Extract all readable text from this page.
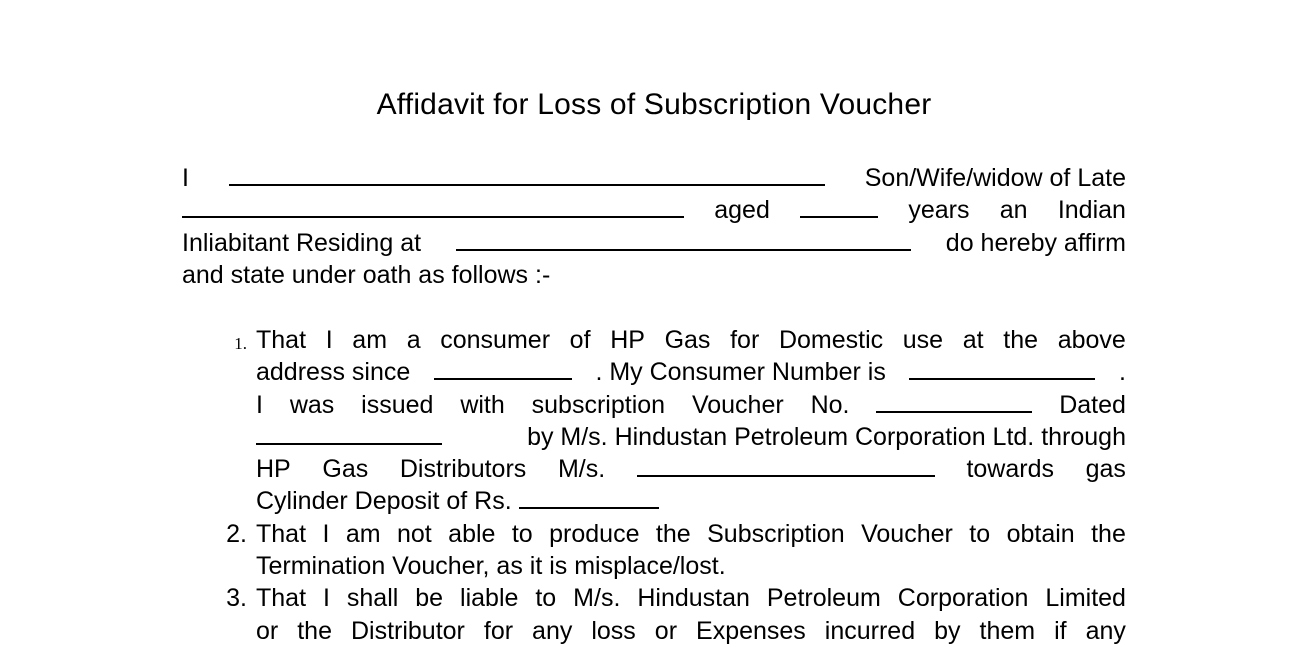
Affidavit for Loss of Subscription Voucher
I	Son/Wife/widow of Late
aged	years an Indian
Inliabitant Residing at	do hereby affirm
and state under oath as follows :-
1. That I am a consumer of HP Gas for Domestic use at the above
address since	. My Consumer Number is	.
I was issued with subscription Voucher No.	Dated
by M/s. Hindustan Petroleum Corporation Ltd. through
HP Gas Distributors M/s.	towards gas
Cylinder Deposit of Rs.
2. That I am not able to produce the Subscription Voucher to obtain the
Termination Voucher, as it is misplace/lost.
3. That I shall be liable to M/s. Hindustan Petroleum Corporation Limited
or the Distributor for any loss or Expenses incurred by them if any
